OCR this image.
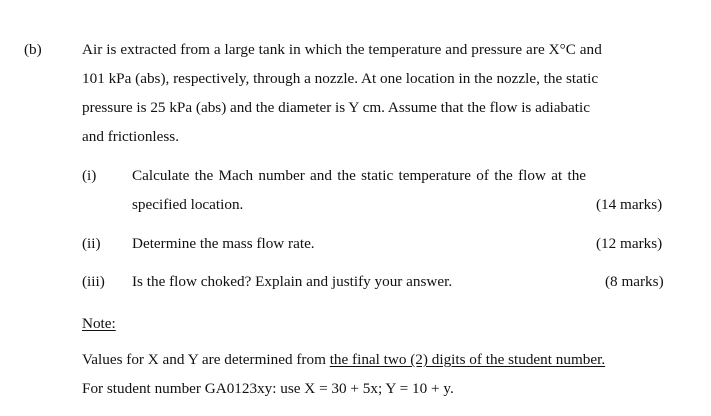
(b)	Air is extracted from a large tank in which the temperature and pressure are X°C and
101 kPa (abs), respectively, through a nozzle. At one location in the nozzle, the static
pressure is 25 kPa (abs) and the diameter is Y cm. Assume that the flow is adiabatic
and frictionless.
(i) Calculate the Mach number and the static temperature of the flow at the
specified location.	(14 marks)
(ii) Determine the mass flow rate.	(12 marks)
(iii) Is the flow choked? Explain and justify your answer.	(8 marks)
Note:
Values for X and Y are determined from the final two (2) digits of the student number.
For student number GA0123xy: use X = 30 + 5x; Y = 10 + y.
